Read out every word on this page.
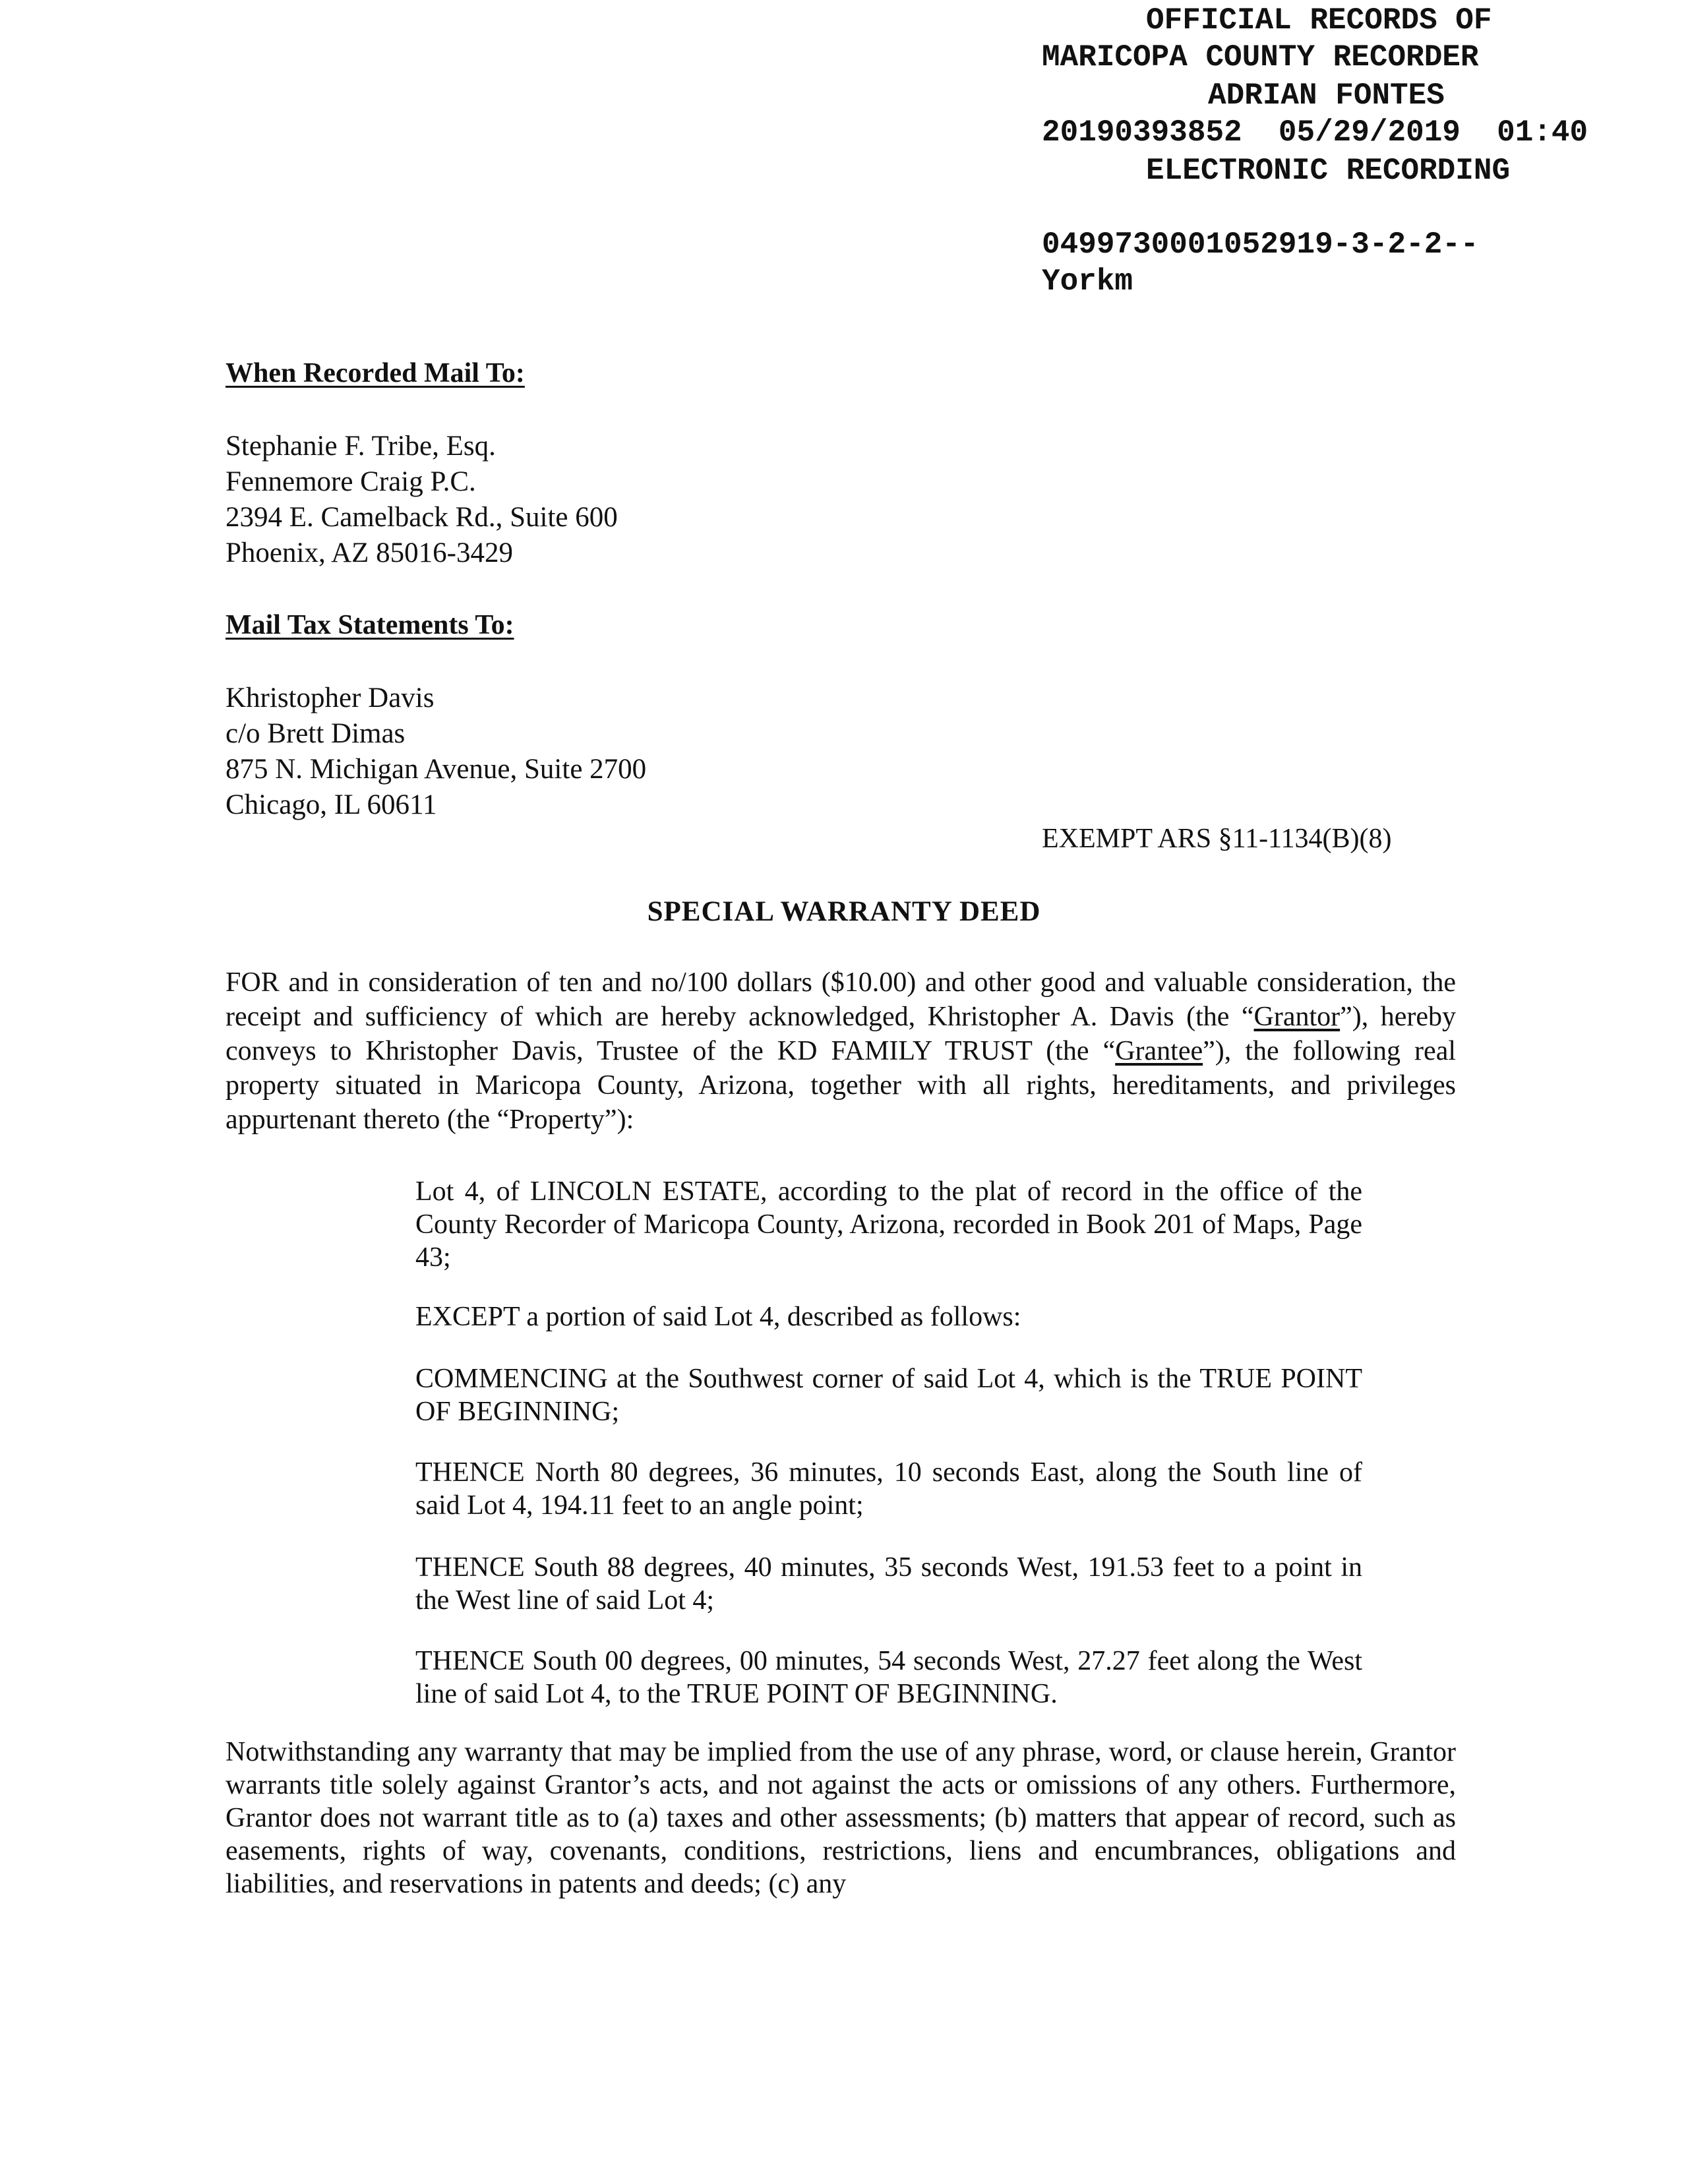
OFFICIAL RECORDS OF
MARICOPA COUNTY RECORDER
ADRIAN FONTES
20190393852  05/29/2019  01:40
ELECTRONIC RECORDING
0499730001052919-3-2-2--
Yorkm
When Recorded Mail To:
Stephanie F. Tribe, Esq.
Fennemore Craig P.C.
2394 E. Camelback Rd., Suite 600
Phoenix, AZ 85016-3429
Mail Tax Statements To:
Khristopher Davis
c/o Brett Dimas
875 N. Michigan Avenue, Suite 2700
Chicago, IL 60611
EXEMPT ARS §11-1134(B)(8)
SPECIAL WARRANTY DEED
FOR and in consideration of ten and no/100 dollars ($10.00) and other good and valuable consideration, the receipt and sufficiency of which are hereby acknowledged, Khristopher A. Davis (the “Grantor”), hereby conveys to Khristopher Davis, Trustee of the KD FAMILY TRUST (the “Grantee”), the following real property situated in Maricopa County, Arizona, together with all rights, hereditaments, and privileges appurtenant thereto (the “Property”):
Lot 4, of LINCOLN ESTATE, according to the plat of record in the office of the County Recorder of Maricopa County, Arizona, recorded in Book 201 of Maps, Page 43;
EXCEPT a portion of said Lot 4, described as follows:
COMMENCING at the Southwest corner of said Lot 4, which is the TRUE POINT OF BEGINNING;
THENCE North 80 degrees, 36 minutes, 10 seconds East, along the South line of said Lot 4, 194.11 feet to an angle point;
THENCE South 88 degrees, 40 minutes, 35 seconds West, 191.53 feet to a point in the West line of said Lot 4;
THENCE South 00 degrees, 00 minutes, 54 seconds West, 27.27 feet along the West line of said Lot 4, to the TRUE POINT OF BEGINNING.
Notwithstanding any warranty that may be implied from the use of any phrase, word, or clause herein, Grantor warrants title solely against Grantor’s acts, and not against the acts or omissions of any others. Furthermore, Grantor does not warrant title as to (a) taxes and other assessments; (b) matters that appear of record, such as easements, rights of way, covenants, conditions, restrictions, liens and encumbrances, obligations and liabilities, and reservations in patents and deeds; (c) any
